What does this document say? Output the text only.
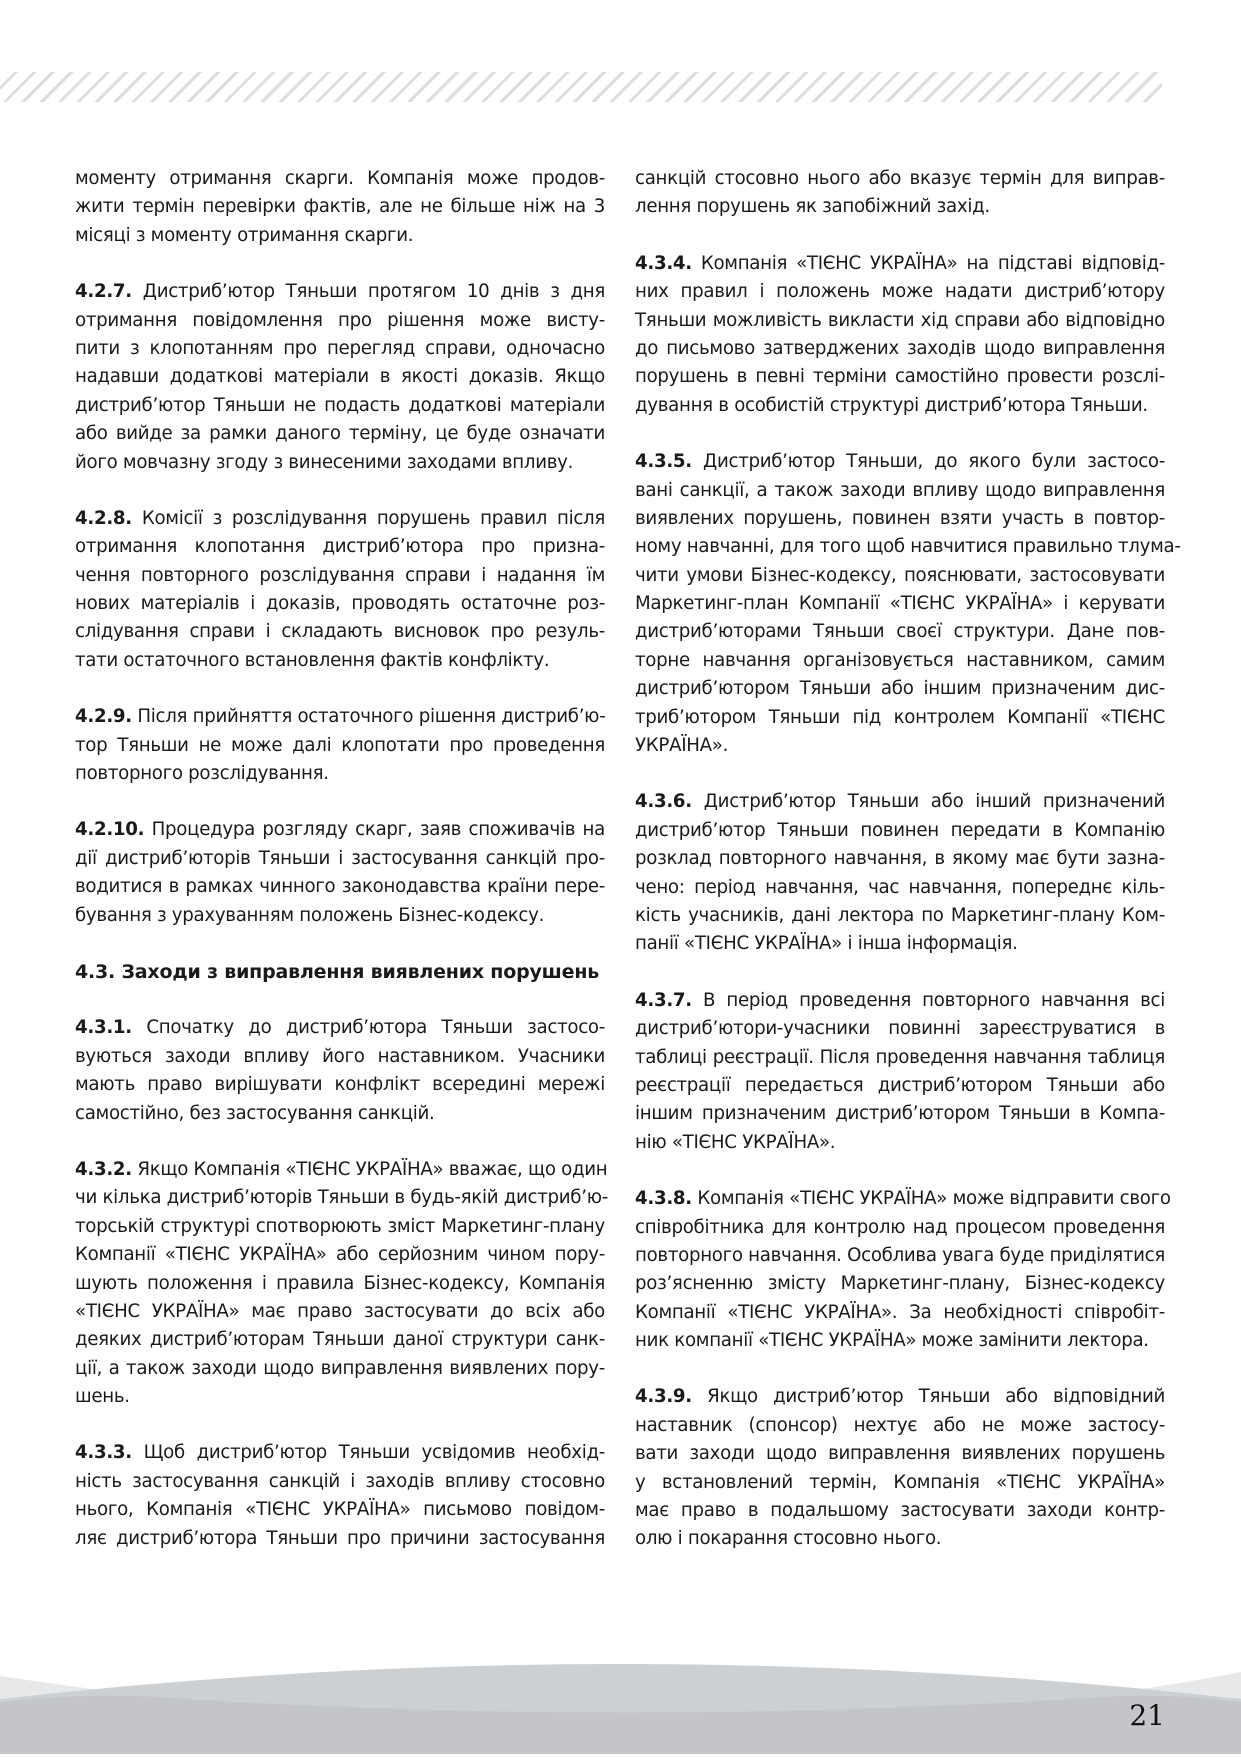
моменту отримання скарги. Компанія може продов-
жити термін перевірки фактів, але не більше ніж на 3
місяці з моменту отримання скарги.
4.2.7. Дистриб’ютор Тяньши протягом 10 днів з дня
отримання повідомлення про рішення може висту-
пити з клопотанням про перегляд справи, одночасно
надавши додаткові матеріали в якості доказів. Якщо
дистриб’ютор Тяньши не подасть додаткові матеріали
або вийде за рамки даного терміну, це буде означати
його мовчазну згоду з винесеними заходами впливу.
4.2.8. Комісії з розслідування порушень правил після
отримання клопотання дистриб’ютора про призна-
чення повторного розслідування справи і надання їм
нових матеріалів і доказів, проводять остаточне роз-
слідування справи і складають висновок про резуль-
тати остаточного встановлення фактів конфлікту.
4.2.9. Після прийняття остаточного рішення дистриб’ю-
тор Тяньши не може далі клопотати про проведення
повторного розслідування.
4.2.10. Процедура розгляду скарг, заяв споживачів на
дії дистриб’юторів Тяньши і застосування санкцій про-
водитися в рамках чинного законодавства країни пере-
бування з урахуванням положень Бізнес-кодексу.
4.3. Заходи з виправлення виявлених порушень
4.3.1. Спочатку до дистриб’ютора Тяньши застосо-
вуються заходи впливу його наставником. Учасники
мають право вирішувати конфлікт всередині мережі
самостійно, без застосування санкцій.
4.3.2. Якщо Компанія «ТІЄНС УКРАЇНА» вважає, що один
чи кілька дистриб’юторів Тяньши в будь-якій дистриб’ю-
торській структурі спотворюють зміст Маркетинг-плану
Компанії «ТІЄНС УКРАЇНА» або серйозним чином пору-
шують положення і правила Бізнес-кодексу, Компанія
«ТІЄНС УКРАЇНА» має право застосувати до всіх або
деяких дистриб’юторам Тяньши даної структури санк-
ції, а також заходи щодо виправлення виявлених пору-
шень.
4.3.3. Щоб дистриб’ютор Тяньши усвідомив необхід-
ність застосування санкцій і заходів впливу стосовно
нього, Компанія «ТІЄНС УКРАЇНА» письмово повідом-
ляє дистриб’ютора Тяньши про причини застосування
санкцій стосовно нього або вказує термін для виправ-
лення порушень як запобіжний захід.
4.3.4. Компанія «ТІЄНС УКРАЇНА» на підставі відповід-
них правил і положень може надати дистриб’ютору
Тяньши можливість викласти хід справи або відповідно
до письмово затверджених заходів щодо виправлення
порушень в певні терміни самостійно провести розслі-
дування в особистій структурі дистриб’ютора Тяньши.
4.3.5. Дистриб’ютор Тяньши, до якого були застосо-
вані санкції, а також заходи впливу щодо виправлення
виявлених порушень, повинен взяти участь в повтор-
ному навчанні, для того щоб навчитися правильно тлума-
чити умови Бізнес-кодексу, пояснювати, застосовувати
Маркетинг-план Компанії «ТІЄНС УКРАЇНА» і керувати
дистриб’юторами Тяньши своєї структури. Дане пов-
торне навчання організовується наставником, самим
дистриб’ютором Тяньши або іншим призначеним дис-
триб’ютором Тяньши під контролем Компанії «ТІЄНС
УКРАЇНА».
4.3.6. Дистриб’ютор Тяньши або інший призначений
дистриб’ютор Тяньши повинен передати в Компанію
розклад повторного навчання, в якому має бути зазна-
чено: період навчання, час навчання, попереднє кіль-
кість учасників, дані лектора по Маркетинг-плану Ком-
панії «ТІЄНС УКРАЇНА» і інша інформація.
4.3.7. В період проведення повторного навчання всі
дистриб’ютори-учасники повинні зареєструватися в
таблиці реєстрації. Після проведення навчання таблиця
реєстрації передається дистриб’ютором Тяньши або
іншим призначеним дистриб’ютором Тяньши в Компа-
нію «ТІЄНС УКРАЇНА».
4.3.8. Компанія «ТІЄНС УКРАЇНА» може відправити свого
співробітника для контролю над процесом проведення
повторного навчання. Особлива увага буде приділятися
роз’ясненню змісту Маркетинг-плану, Бізнес-кодексу
Компанії «ТІЄНС УКРАЇНА». За необхідності співробіт-
ник компанії «ТІЄНС УКРАЇНА» може замінити лектора.
4.3.9. Якщо дистриб’ютор Тяньши або відповідний
наставник (спонсор) нехтує або не може застосу-
вати заходи щодо виправлення виявлених порушень
у встановлений термін, Компанія «ТІЄНС УКРАЇНА»
має право в подальшому застосувати заходи контр-
олю і покарання стосовно нього.
21
